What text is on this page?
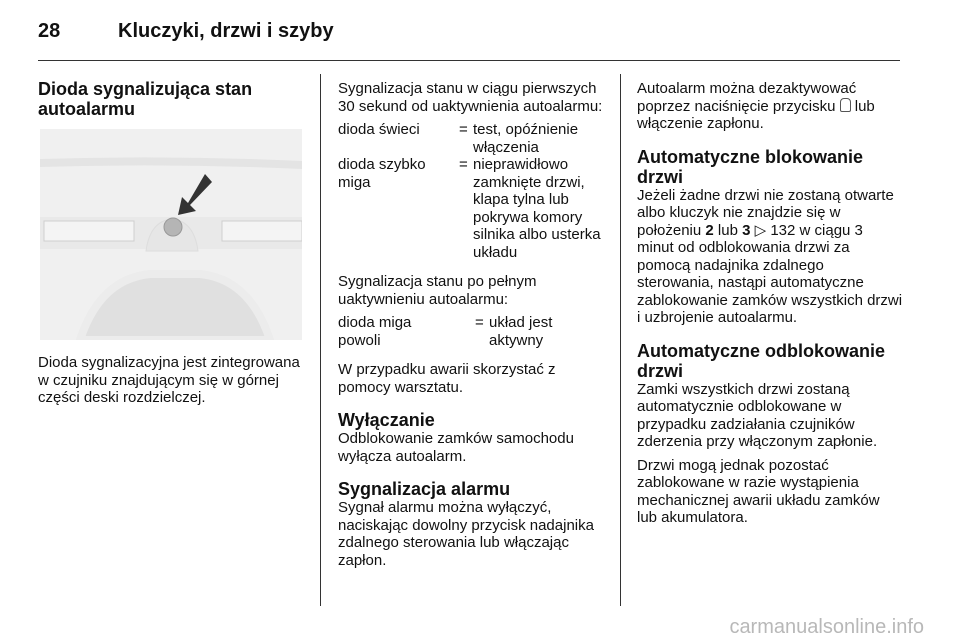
28	Kluczyki, drzwi i szyby
Dioda sygnalizująca stan autoalarmu

Dioda sygnalizacyjna jest zintegrowana w czujniku znajdującym się w górnej części deski rozdzielczej.

Sygnalizacja stanu w ciągu pierwszych 30 sekund od uaktywnienia autoalarmu:

dioda świeci	=	test, opóźnienie włączenia
dioda szybko miga	=	nieprawidłowo zamknięte drzwi, klapa tylna lub pokrywa komory silnika albo usterka układu

Sygnalizacja stanu po pełnym uaktywnieniu autoalarmu:

dioda miga powoli	=	układ jest aktywny

W przypadku awarii skorzystać z pomocy warsztatu.

Wyłączanie

Odblokowanie zamków samochodu wyłącza autoalarm.

Sygnalizacja alarmu

Sygnał alarmu można wyłączyć, naciskając dowolny przycisk nadajnika zdalnego sterowania lub włączając zapłon.

Autoalarm można dezaktywować poprzez naciśnięcie przycisku  lub włączenie zapłonu.

Automatyczne blokowanie drzwi

Jeżeli żadne drzwi nie zostaną otwarte albo kluczyk nie znajdzie się w położeniu 2 lub 3 ▷ 132 w ciągu 3 minut od odblokowania drzwi za pomocą nadajnika zdalnego sterowania, nastąpi automatyczne zablokowanie zamków wszystkich drzwi i uzbrojenie autoalarmu.

Automatyczne odblokowanie drzwi

Zamki wszystkich drzwi zostaną automatycznie odblokowane w przypadku zadziałania czujników zderzenia przy włączonym zapłonie.

Drzwi mogą jednak pozostać zablokowane w razie wystąpienia mechanicznej awarii układu zamków lub akumulatora.

carmanualsonline.info
